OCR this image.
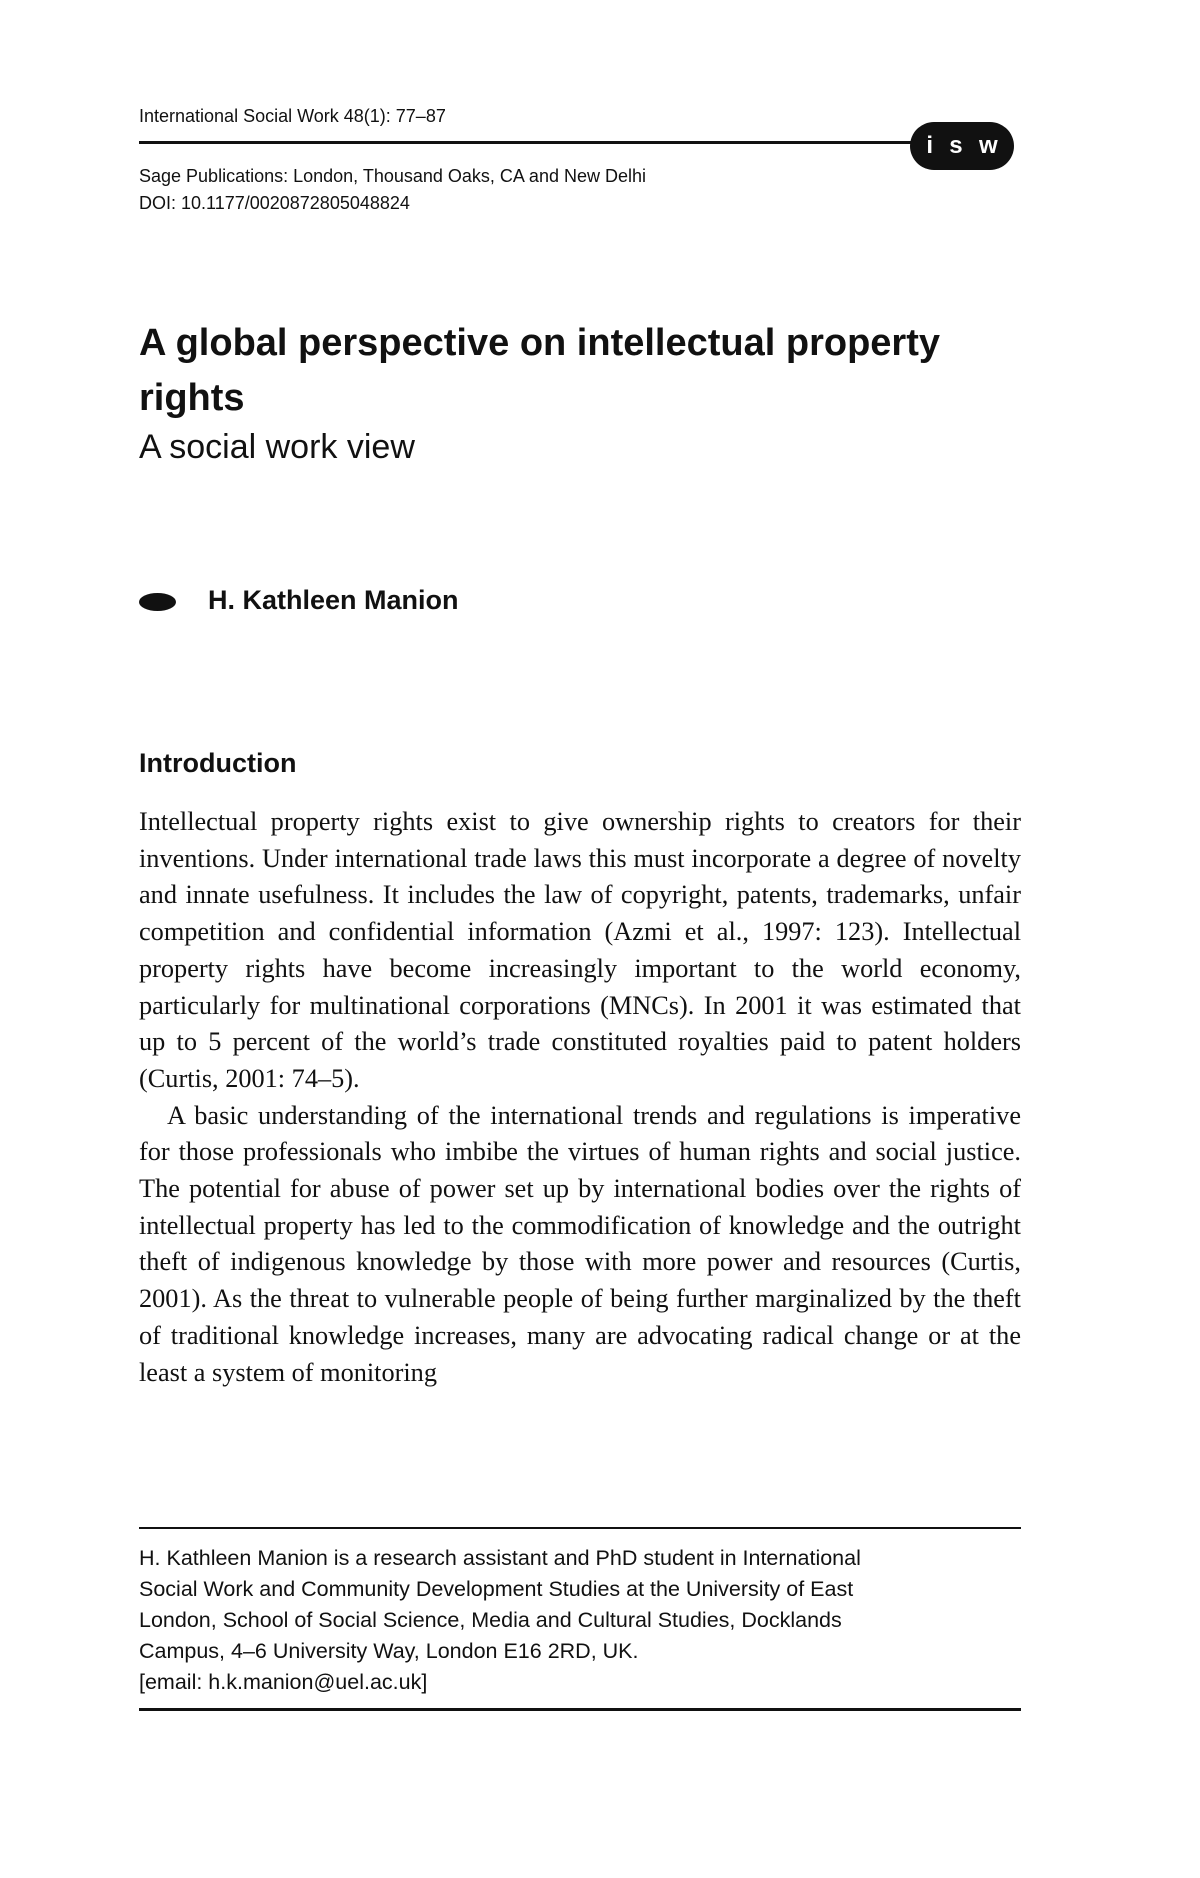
International Social Work 48(1): 77–87
i s w
Sage Publications: London, Thousand Oaks, CA and New Delhi
DOI: 10.1177/0020872805048824
A global perspective on intellectual property rights
A social work view
H. Kathleen Manion
Introduction

Intellectual property rights exist to give ownership rights to creators for their inventions. Under international trade laws this must incorporate a degree of novelty and innate usefulness. It includes the law of copyright, patents, trademarks, unfair competition and confidential information (Azmi et al., 1997: 123). Intellectual property rights have become increasingly important to the world economy, particularly for multinational corporations (MNCs). In 2001 it was estimated that up to 5 percent of the world’s trade constituted royalties paid to patent holders (Curtis, 2001: 74–5).

A basic understanding of the international trends and regulations is imperative for those professionals who imbibe the virtues of human rights and social justice. The potential for abuse of power set up by international bodies over the rights of intellectual property has led to the commodification of knowledge and the outright theft of indigenous knowledge by those with more power and resources (Curtis, 2001). As the threat to vulnerable people of being further marginalized by the theft of traditional knowledge increases, many are advocating radical change or at the least a system of monitoring

H. Kathleen Manion is a research assistant and PhD student in International
Social Work and Community Development Studies at the University of East
London, School of Social Science, Media and Cultural Studies, Docklands
Campus, 4–6 University Way, London E16 2RD, UK.
[email: h.k.manion@uel.ac.uk]
